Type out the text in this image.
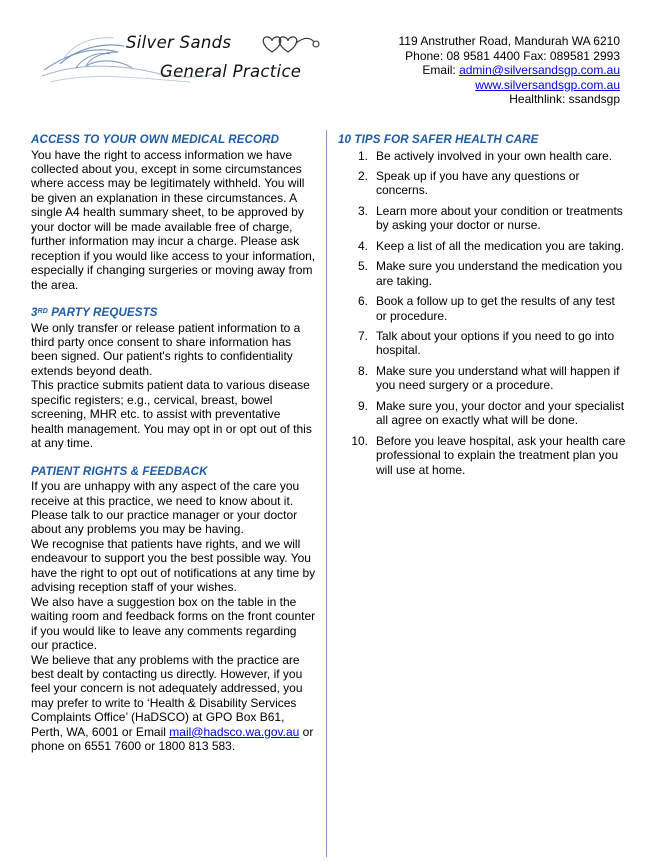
Silver Sands
General Practice
119 Anstruther Road, Mandurah WA 6210
Phone: 08 9581 4400 Fax: 089581 2993
Email: admin@silversandsgp.com.au
www.silversandsgp.com.au
Healthlink: ssandsgp
ACCESS TO YOUR OWN MEDICAL RECORD

You have the right to access information we have collected about you, except in some circumstances where access may be legitimately withheld. You will be given an explanation in these circumstances. A single A4 health summary sheet, to be approved by your doctor will be made available free of charge, further information may incur a charge. Please ask reception if you would like access to your information, especially if changing surgeries or moving away from the area.

3RD PARTY REQUESTS

We only transfer or release patient information to a third party once consent to share information has been signed. Our patient's rights to confidentiality extends beyond death.

This practice submits patient data to various disease specific registers; e.g., cervical, breast, bowel screening, MHR etc. to assist with preventative health management. You may opt in or opt out of this at any time.

PATIENT RIGHTS & FEEDBACK

If you are unhappy with any aspect of the care you receive at this practice, we need to know about it. Please talk to our practice manager or your doctor about any problems you may be having.

We recognise that patients have rights, and we will endeavour to support you the best possible way. You have the right to opt out of notifications at any time by advising reception staff of your wishes.

We also have a suggestion box on the table in the waiting room and feedback forms on the front counter if you would like to leave any comments regarding our practice.

We believe that any problems with the practice are best dealt by contacting us directly. However, if you feel your concern is not adequately addressed, you may prefer to write to ‘Health & Disability Services Complaints Office’ (HaDSCO) at GPO Box B61, Perth, WA, 6001 or Email mail@hadsco.wa.gov.au or phone on 6551 7600 or 1800 813 583.

10 TIPS FOR SAFER HEALTH CARE
1. Be actively involved in your own health care.
2. Speak up if you have any questions or concerns.
3. Learn more about your condition or treatments by asking your doctor or nurse.
4. Keep a list of all the medication you are taking.
5. Make sure you understand the medication you are taking.
6. Book a follow up to get the results of any test or procedure.
7. Talk about your options if you need to go into hospital.
8. Make sure you understand what will happen if you need surgery or a procedure.
9. Make sure you, your doctor and your specialist all agree on exactly what will be done.
10. Before you leave hospital, ask your health care professional to explain the treatment plan you will use at home.
